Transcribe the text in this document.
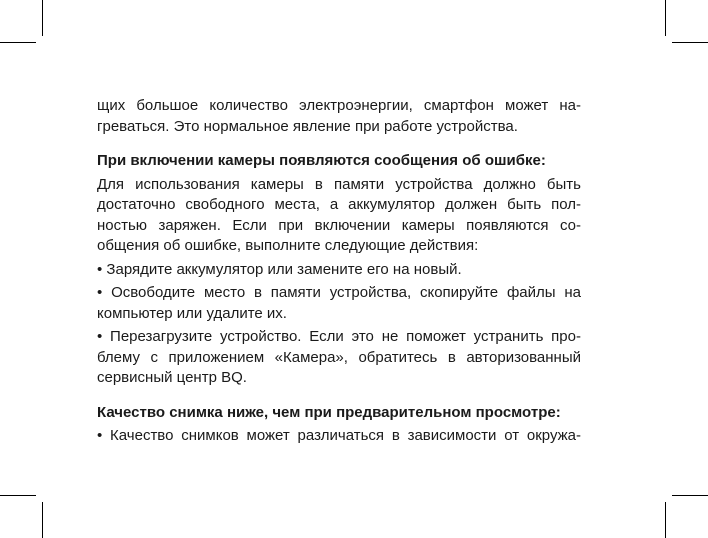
щих большое количество электроэнергии, смартфон может на-
греваться. Это нормальное явление при работе устройства.

При включении камеры появляются сообщения об ошибке:

Для использования камеры в памяти устройства должно быть
достаточно свободного места, а аккумулятор должен быть пол-
ностью заряжен. Если при включении камеры появляются со-
общения об ошибке, выполните следующие действия:

• Зарядите аккумулятор или замените его на новый.

• Освободите место в памяти устройства, скопируйте файлы на
компьютер или удалите их.

• Перезагрузите устройство. Если это не поможет устранить про-
блему с приложением «Камера», обратитесь в авторизованный
сервисный центр BQ.

Качество снимка ниже, чем при предварительном просмотре:

• Качество снимков может различаться в зависимости от окружа-
